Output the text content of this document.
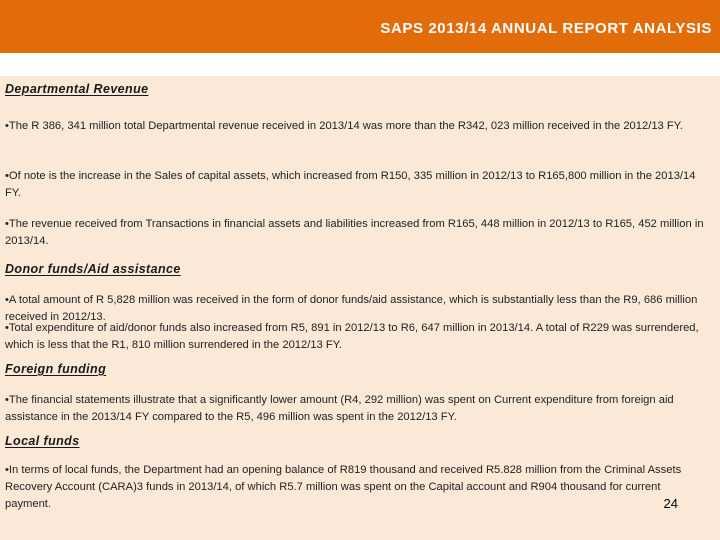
SAPS 2013/14 ANNUAL REPORT ANALYSIS
Departmental Revenue
•The R 386, 341 million total Departmental revenue received in 2013/14 was more than the R342, 023 million received in the 2012/13 FY.
•Of note is the increase in the Sales of capital assets, which increased from R150, 335 million in 2012/13 to R165,800 million in the 2013/14 FY.
•The revenue received from Transactions in financial assets and liabilities increased from R165, 448 million in 2012/13 to R165, 452 million in 2013/14.
Donor funds/Aid assistance
•A total amount of R 5,828 million was received in the form of donor funds/aid assistance, which is substantially less than the R9, 686 million received in 2012/13.
•Total expenditure of aid/donor funds also increased from R5, 891 in 2012/13 to R6, 647 million in 2013/14. A total of R229 was surrendered, which is less that the R1, 810 million surrendered in the 2012/13 FY.
Foreign funding
•The financial statements illustrate that a significantly lower amount (R4, 292 million) was spent on Current expenditure from foreign aid assistance in the 2013/14 FY compared to the R5, 496 million was spent in the 2012/13 FY.
Local funds
•In terms of local funds, the Department had an opening balance of R819 thousand and received R5.828 million from the Criminal Assets Recovery Account (CARA)3 funds in 2013/14, of which R5.7 million was spent on the Capital account and R904 thousand for current payment.	24
